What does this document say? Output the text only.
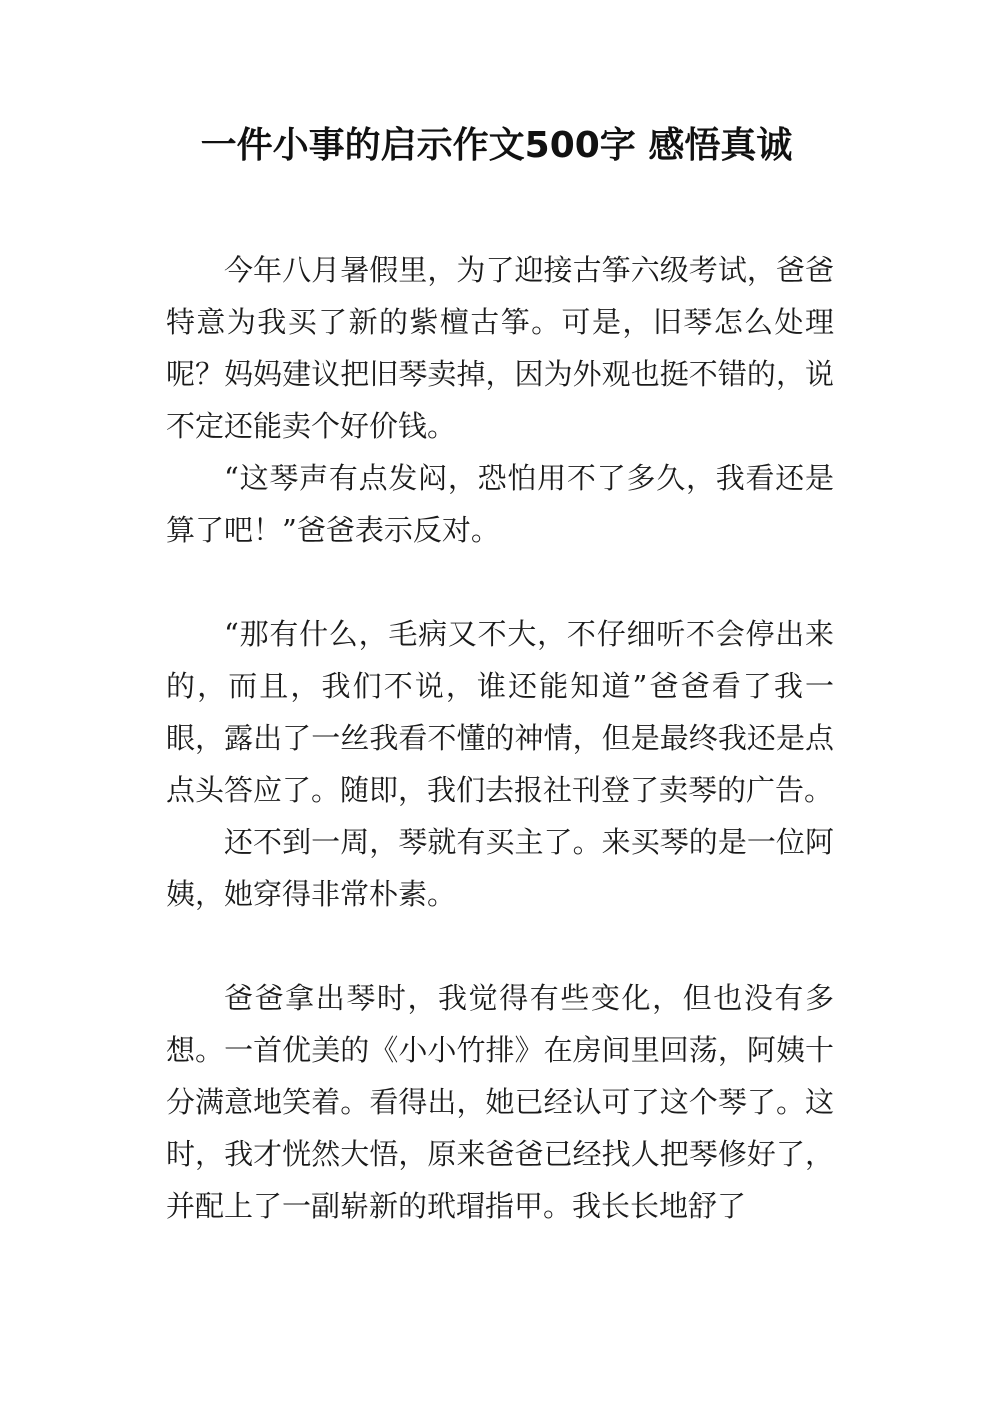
一件小事的启示作文500字 感悟真诚

今年八月暑假里，为了迎接古筝六级考试，爸爸特意为我买了新的紫檀古筝。可是，旧琴怎么处理呢？妈妈建议把旧琴卖掉，因为外观也挺不错的，说不定还能卖个好价钱。

“这琴声有点发闷，恐怕用不了多久，我看还是算了吧！”爸爸表示反对。

“那有什么，毛病又不大，不仔细听不会停出来的，而且，我们不说，谁还能知道”爸爸看了我一眼，露出了一丝我看不懂的神情，但是最终我还是点点头答应了。随即，我们去报社刊登了卖琴的广告。

还不到一周，琴就有买主了。来买琴的是一位阿姨，她穿得非常朴素。

爸爸拿出琴时，我觉得有些变化，但也没有多想。一首优美的《小小竹排》在房间里回荡，阿姨十分满意地笑着。看得出，她已经认可了这个琴了。这时，我才恍然大悟，原来爸爸已经找人把琴修好了，并配上了一副崭新的玳瑁指甲。我长长地舒了
